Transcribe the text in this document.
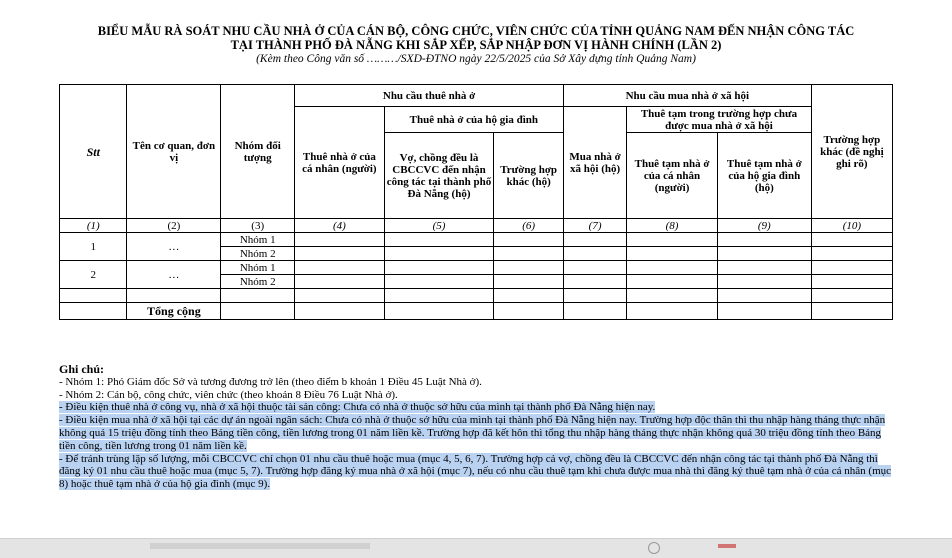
BIỂU MẪU RÀ SOÁT NHU CẦU NHÀ Ở CỦA CÁN BỘ, CÔNG CHỨC, VIÊN CHỨC CỦA TỈNH QUẢNG NAM ĐẾN NHẬN CÔNG TÁC
TẠI THÀNH PHỐ ĐÀ NẴNG KHI SẮP XẾP, SẮP NHẬP ĐƠN VỊ HÀNH CHÍNH (LẦN 2)
(Kèm theo Công văn số ………/SXD-ĐTNO ngày 22/5/2025 của Sở Xây dựng tỉnh Quảng Nam)
Stt	Tên cơ quan, đơn vị	Nhóm đối tượng	Nhu cầu thuê nhà ở			Nhu cầu mua nhà ở xã hội			Trường hợp khác (đề nghị ghi rõ)
			Thuê nhà ở của cá nhân (người)	Thuê nhà ở của hộ gia đình		Mua nhà ở xã hội (hộ)	Thuê tạm trong trường hợp chưa được mua nhà ở xã hội		
				Vợ, chồng đều là CBCCVC đến nhận công tác tại thành phố Đà Nẵng (hộ)	Trường hợp khác (hộ)		Thuê tạm nhà ở của cá nhân (người)	Thuê tạm nhà ở của hộ gia đình (hộ)	
(1)	(2)	(3)	(4)	(5)	(6)	(7)	(8)	(9)	(10)
1	…	Nhóm 1							
		Nhóm 2							
2	…	Nhóm 1							
		Nhóm 2							

	Tổng cộng								

Ghi chú:

- Nhóm 1: Phó Giám đốc Sở và tương đương trở lên (theo điểm b khoản 1 Điều 45 Luật Nhà ở).

- Nhóm 2: Cán bộ, công chức, viên chức (theo khoản 8 Điều 76 Luật Nhà ở).

- Điều kiện thuê nhà ở công vụ, nhà ở xã hội thuộc tài sản công: Chưa có nhà ở thuộc sở hữu của mình tại thành phố Đà Nẵng hiện nay.

- Điều kiện mua nhà ở xã hội tại các dự án ngoài ngân sách: Chưa có nhà ở thuộc sở hữu của mình tại thành phố Đà Nẵng hiện nay. Trường hợp độc thân thì thu nhập hàng tháng thực nhận không quá 15 triệu đồng tính theo Bảng tiền công, tiền lương trong 01 năm liền kề. Trường hợp đã kết hôn thì tổng thu nhập hàng tháng thực nhận không quá 30 triệu đồng tính theo Bảng tiền công, tiền lương trong 01 năm liền kề.

- Để tránh trùng lặp số lượng, mỗi CBCCVC chỉ chọn 01 nhu cầu thuê hoặc mua (mục 4, 5, 6, 7). Trường hợp cả vợ, chồng đều là CBCCVC đến nhận công tác tại thành phố Đà Nẵng thì đăng ký 01 nhu cầu thuê hoặc mua (mục 5, 7). Trường hợp đăng ký mua nhà ở xã hội (mục 7), nếu có nhu cầu thuê tạm khi chưa được mua nhà thì đăng ký thuê tạm nhà ở của cá nhân (mục 8) hoặc thuê tạm nhà ở của hộ gia đình (mục 9).
